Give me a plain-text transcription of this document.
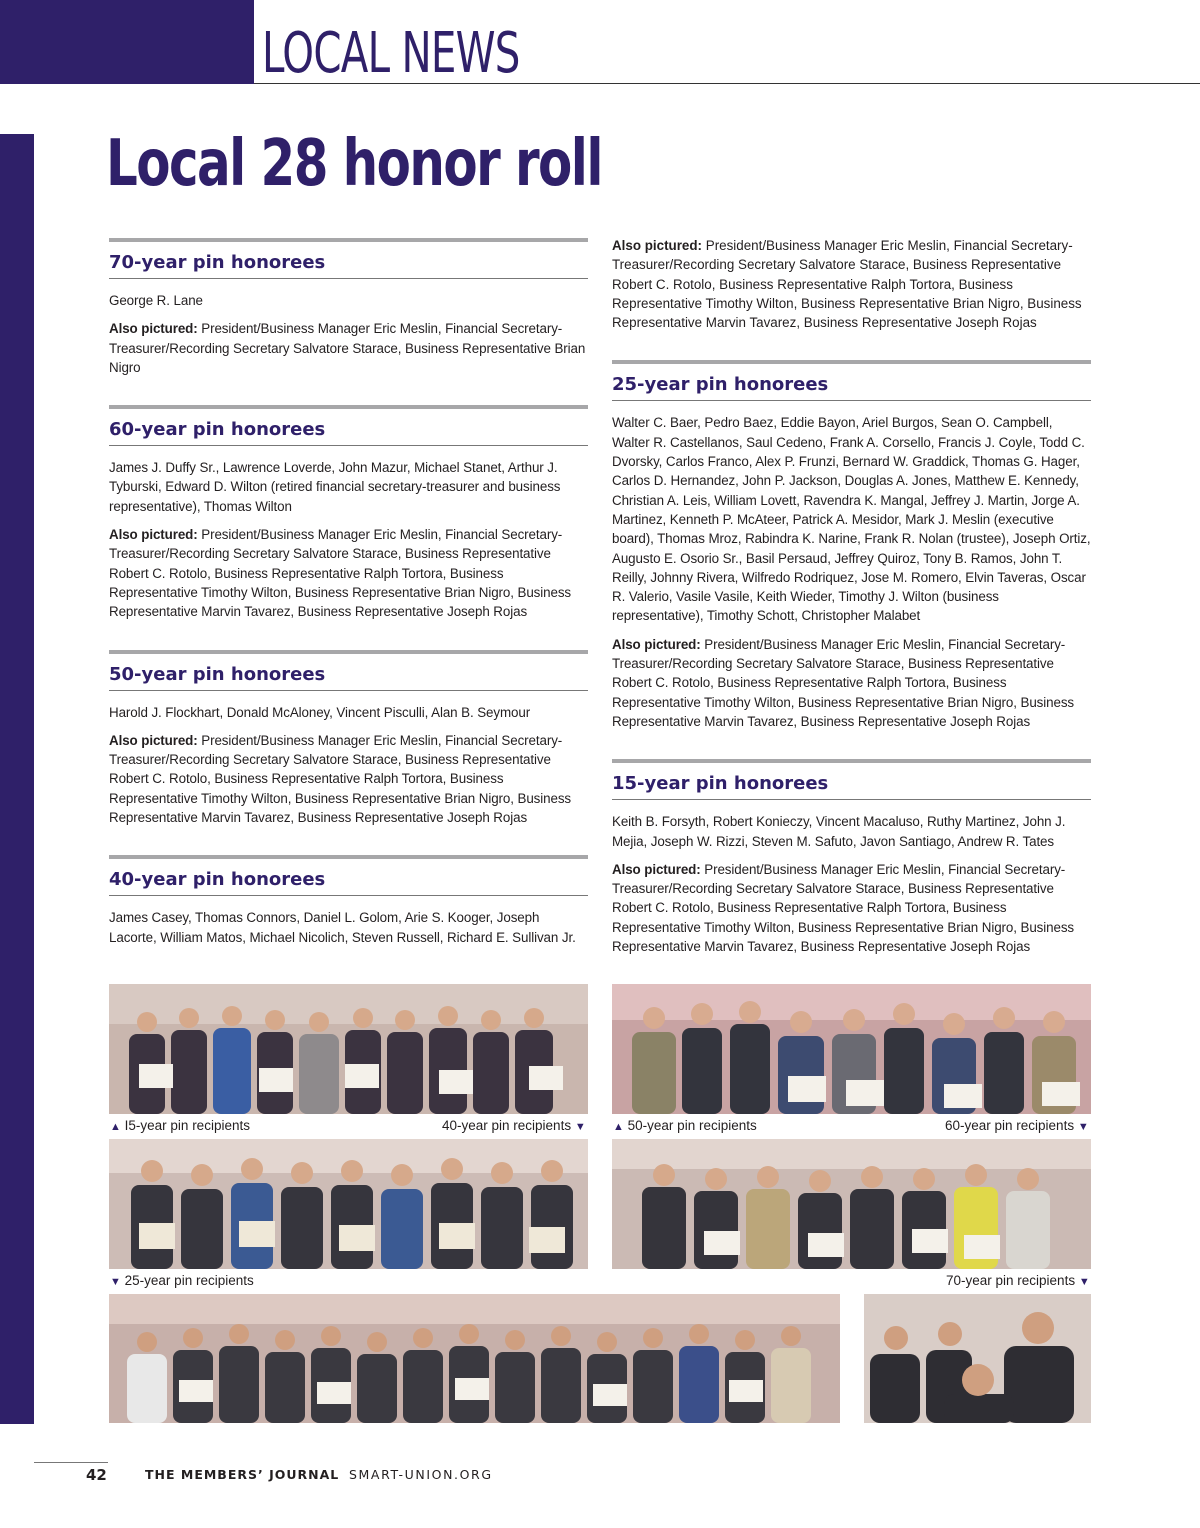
LOCAL NEWS
Local 28 honor roll
70-year pin honorees

George R. Lane

Also pictured: President/Business Manager Eric Meslin, Financial Secretary-Treasurer/Recording Secretary Salvatore Starace, Business Representative Brian Nigro

60-year pin honorees

James J. Duffy Sr., Lawrence Loverde, John Mazur, Michael Stanet, Arthur J. Tyburski, Edward D. Wilton (retired financial secretary-treasurer and business representative), Thomas Wilton

Also pictured: President/Business Manager Eric Meslin, Financial Secretary-Treasurer/Recording Secretary Salvatore Starace, Business Representative Robert C. Rotolo, Business Representative Ralph Tortora, Business Representative Timothy Wilton, Business Representative Brian Nigro, Business Representative Marvin Tavarez, Business Representative Joseph Rojas

50-year pin honorees

Harold J. Flockhart, Donald McAloney, Vincent Pisculli, Alan B. Seymour

Also pictured: President/Business Manager Eric Meslin, Financial Secretary-Treasurer/Recording Secretary Salvatore Starace, Business Representative Robert C. Rotolo, Business Representative Ralph Tortora, Business Representative Timothy Wilton, Business Representative Brian Nigro, Business Representative Marvin Tavarez, Business Representative Joseph Rojas

40-year pin honorees

James Casey, Thomas Connors, Daniel L. Golom, Arie S. Kooger, Joseph Lacorte, William Matos, Michael Nicolich, Steven Russell, Richard E. Sullivan Jr.

Also pictured: President/Business Manager Eric Meslin, Financial Secretary-Treasurer/Recording Secretary Salvatore Starace, Business Representative Robert C. Rotolo, Business Representative Ralph Tortora, Business Representative Timothy Wilton, Business Representative Brian Nigro, Business Representative Marvin Tavarez, Business Representative Joseph Rojas

25-year pin honorees

Walter C. Baer, Pedro Baez, Eddie Bayon, Ariel Burgos, Sean O. Campbell, Walter R. Castellanos, Saul Cedeno, Frank A. Corsello, Francis J. Coyle, Todd C. Dvorsky, Carlos Franco, Alex P. Frunzi, Bernard W. Graddick, Thomas G. Hager, Carlos D. Hernandez, John P. Jackson, Douglas A. Jones, Matthew E. Kennedy, Christian A. Leis, William Lovett, Ravendra K. Mangal, Jeffrey J. Martin, Jorge A. Martinez, Kenneth P. McAteer, Patrick A. Mesidor, Mark J. Meslin (executive board), Thomas Mroz, Rabindra K. Narine, Frank R. Nolan (trustee), Joseph Ortiz, Augusto E. Osorio Sr., Basil Persaud, Jeffrey Quiroz, Tony B. Ramos, John T. Reilly, Johnny Rivera, Wilfredo Rodriquez, Jose M. Romero, Elvin Taveras, Oscar R. Valerio, Vasile Vasile, Keith Wieder, Timothy J. Wilton (business representative), Timothy Schott, Christopher Malabet

Also pictured: President/Business Manager Eric Meslin, Financial Secretary-Treasurer/Recording Secretary Salvatore Starace, Business Representative Robert C. Rotolo, Business Representative Ralph Tortora, Business Representative Timothy Wilton, Business Representative Brian Nigro, Business Representative Marvin Tavarez, Business Representative Joseph Rojas

15-year pin honorees

Keith B. Forsyth, Robert Konieczy, Vincent Macaluso, Ruthy Martinez, John J. Mejia, Joseph W. Rizzi, Steven M. Safuto, Javon Santiago, Andrew R. Tates

Also pictured: President/Business Manager Eric Meslin, Financial Secretary-Treasurer/Recording Secretary Salvatore Starace, Business Representative Robert C. Rotolo, Business Representative Ralph Tortora, Business Representative Timothy Wilton, Business Representative Brian Nigro, Business Representative Marvin Tavarez, Business Representative Joseph Rojas

▲ I5-year pin recipients	40-year pin recipients ▼ ▲ 50-year pin recipients	60-year pin recipients ▼
▼ 25-year pin recipients	70-year pin recipients ▼
42	THE MEMBERS’ JOURNAL SMART-UNION.ORG
